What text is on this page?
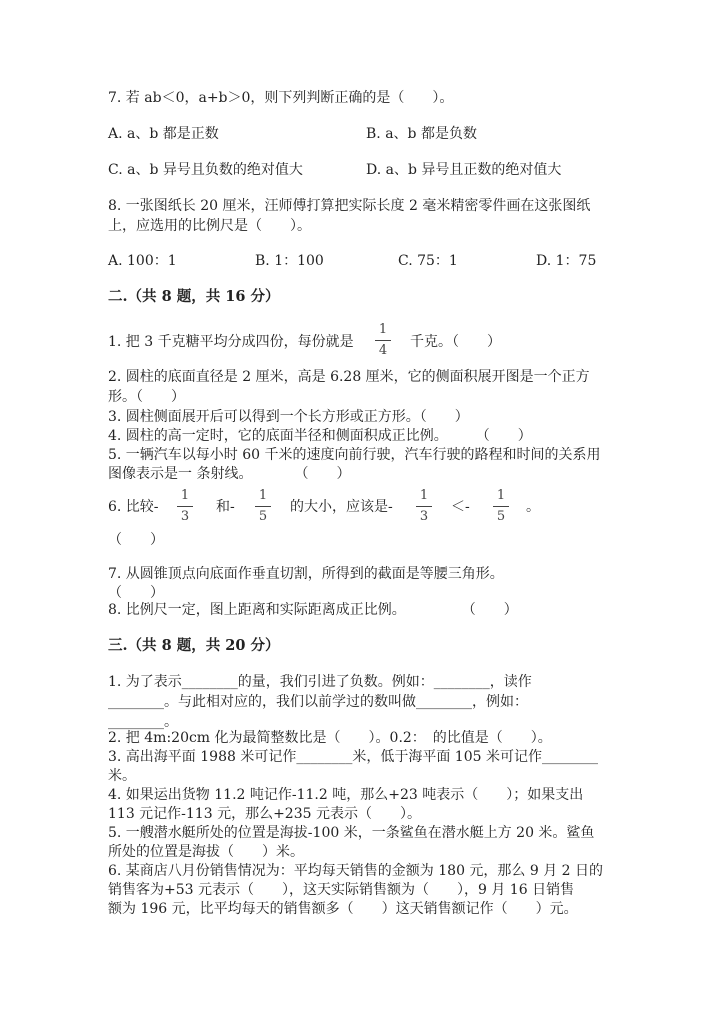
7. 若 ab＜0，a+b＞0，则下列判断正确的是（　　）。
A. a、b 都是正数	B. a、b 都是负数
C. a、b 异号且负数的绝对值大	D. a、b 异号且正数的绝对值大
8. 一张图纸长 20 厘米，汪师傅打算把实际长度 2 毫米精密零件画在这张图纸
上，应选用的比例尺是（　　）。
A. 100：1	B. 1：100	C. 75：1	D. 1：75
二.（共 8 题，共 16 分）
1. 把 3 千克糖平均分成四份，每份就是
1
4
千克。（　　）
2. 圆柱的底面直径是 2 厘米，高是 6.28 厘米，它的侧面积展开图是一个正方
形。（　　）
3. 圆柱侧面展开后可以得到一个长方形或正方形。（　　）
4. 圆柱的高一定时，它的底面半径和侧面积成正比例。　　　（　　）
5. 一辆汽车以每小时 60 千米的速度向前行驶，汽车行驶的路程和时间的关系用
图像表示是一 条射线。　　　　（　　）
6. 比较-
1
3
和-
1
5
的大小，应该是-
1
3
＜-
1
5
。
（　　）
7. 从圆锥顶点向底面作垂直切割，所得到的截面是等腰三角形。
（　　）
8. 比例尺一定，图上距离和实际距离成正比例。　　　　　（　　）
三.（共 8 题，共 20 分）
1. 为了表示________的量，我们引进了负数。例如：________，读作
________。与此相对应的，我们以前学过的数叫做________，例如：
________。
2. 把 4m:20cm 化为最简整数比是（　　）。0.2：　的比值是（　　）。
3. 高出海平面 1988 米可记作________米，低于海平面 105 米可记作________
米。
4. 如果运出货物 11.2 吨记作-11.2 吨，那么+23 吨表示（　　）；如果支出
113 元记作-113 元，那么+235 元表示（　　）。
5. 一艘潜水艇所处的位置是海拔-100 米，一条鲨鱼在潜水艇上方 20 米。鲨鱼
所处的位置是海拔（　　）米。
6. 某商店八月份销售情况为：平均每天销售的金额为 180 元，那么 9 月 2 日的
销售客为+53 元表示（　　），这天实际销售额为（　　），9 月 16 日销售
额为 196 元，比平均每天的销售额多（　　）这天销售额记作（　　）元。
